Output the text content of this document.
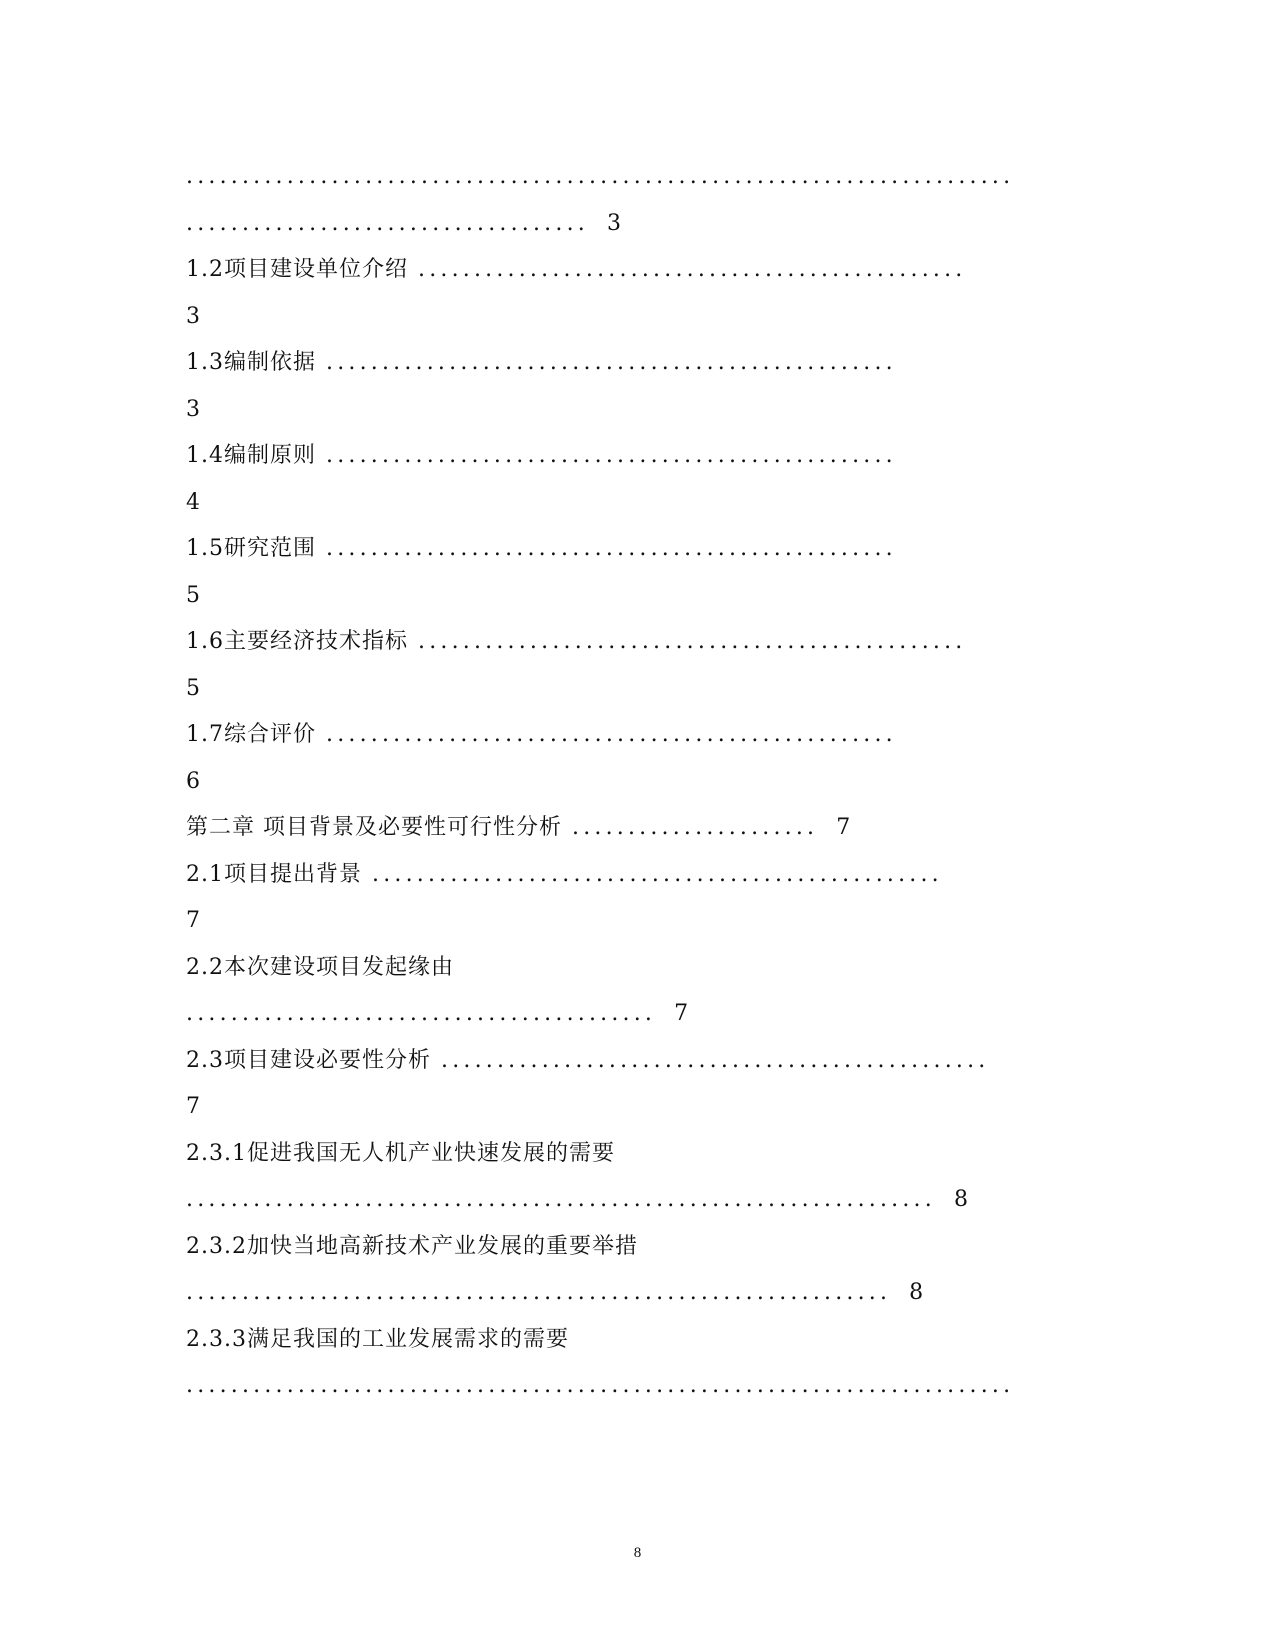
..........................................................................
.................................... 3
1.2项目建设单位介绍 .................................................
3
1.3编制依据 ...................................................
3
1.4编制原则 ...................................................
4
1.5研究范围 ...................................................
5
1.6主要经济技术指标 .................................................
5
1.7综合评价 ...................................................
6
第二章 项目背景及必要性可行性分析 ...................... 7
2.1项目提出背景 ...................................................
7
2.2本次建设项目发起缘由
.......................................... 7
2.3项目建设必要性分析 .................................................
7
2.3.1促进我国无人机产业快速发展的需要
................................................................... 8
2.3.2加快当地高新技术产业发展的重要举措
............................................................... 8
2.3.3满足我国的工业发展需求的需要
..........................................................................
8
